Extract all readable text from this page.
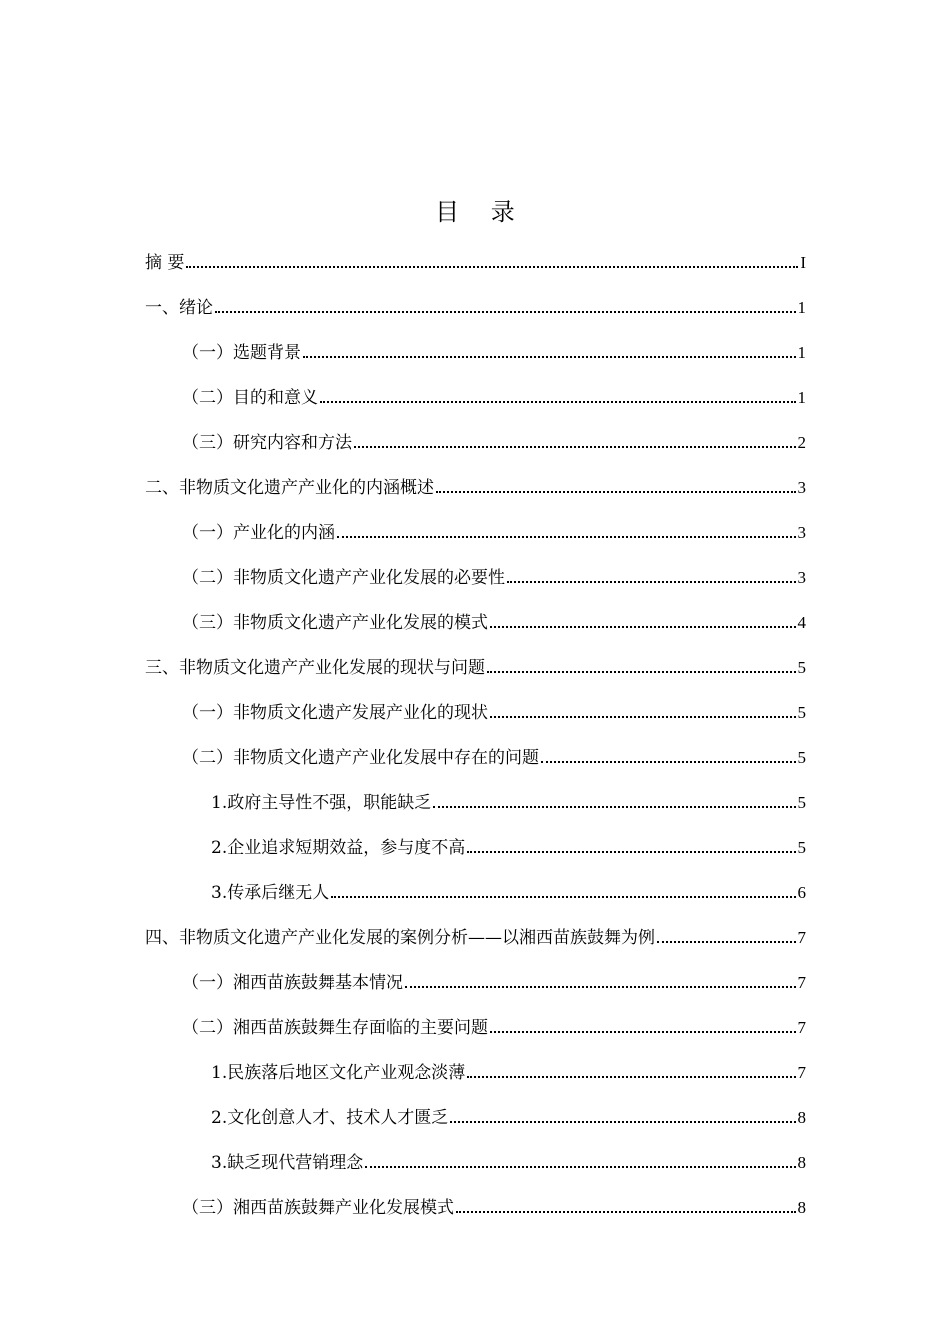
目 录
摘 要	I
一、绪论	1
（一）选题背景	1
（二）目的和意义	1
（三）研究内容和方法	2
二、非物质文化遗产产业化的内涵概述	3
（一）产业化的内涵	3
（二）非物质文化遗产产业化发展的必要性	3
（三）非物质文化遗产产业化发展的模式	4
三、非物质文化遗产产业化发展的现状与问题	5
（一）非物质文化遗产发展产业化的现状	5
（二）非物质文化遗产产业化发展中存在的问题	5
1.政府主导性不强，职能缺乏	5
2.企业追求短期效益，参与度不高	5
3.传承后继无人	6
四、非物质文化遗产产业化发展的案例分析——以湘西苗族鼓舞为例	7
（一）湘西苗族鼓舞基本情况	7
（二）湘西苗族鼓舞生存面临的主要问题	7
1.民族落后地区文化产业观念淡薄	7
2.文化创意人才、技术人才匮乏	8
3.缺乏现代营销理念	8
（三）湘西苗族鼓舞产业化发展模式	8
